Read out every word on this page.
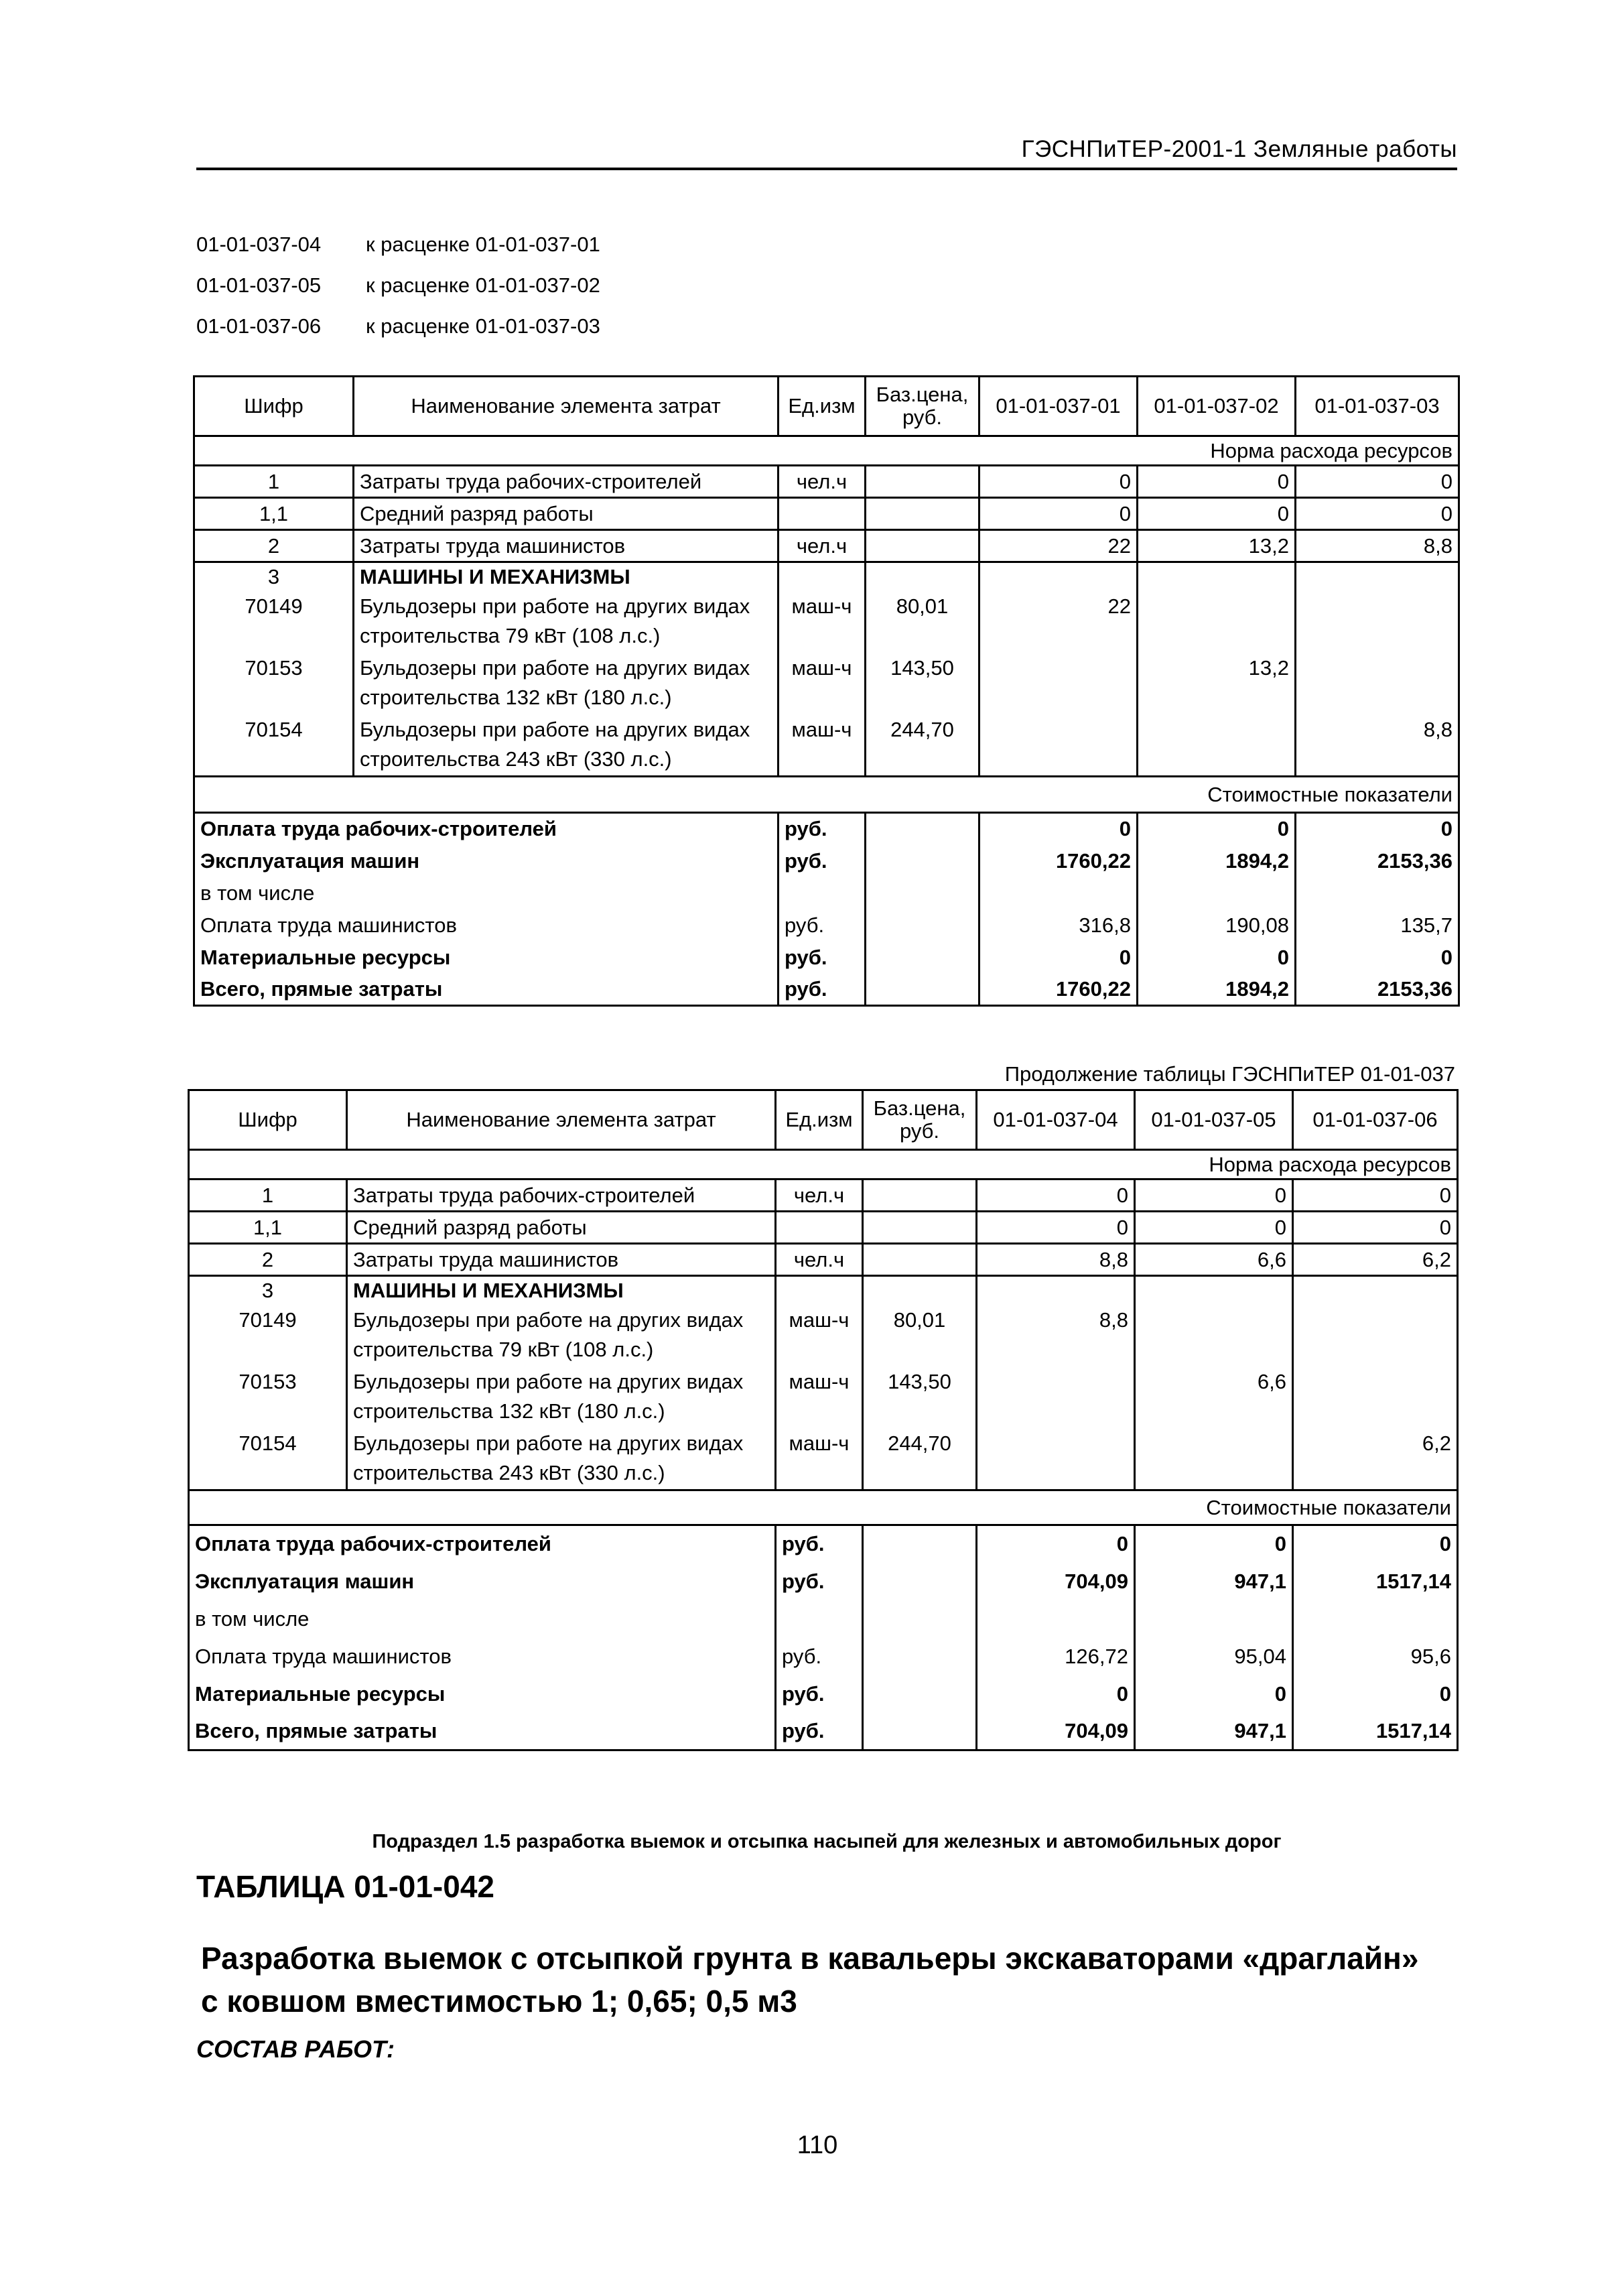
ГЭСНПиТЕР-2001-1 Земляные работы
01-01-037-04	к расценке 01-01-037-01
01-01-037-05	к расценке 01-01-037-02
01-01-037-06	к расценке 01-01-037-03
Шифр	Наименование элемента затрат	Ед.изм	Баз.цена, руб.	01-01-037-01	01-01-037-02	01-01-037-03
Норма расхода ресурсов						
1	Затраты труда рабочих-строителей	чел.ч		0	0	0
1,1	Средний разряд работы			0	0	0
2	Затраты труда машинистов	чел.ч		22	13,2	8,8
3	МАШИНЫ И МЕХАНИЗМЫ					
70149	Бульдозеры при работе на других видах строительства 79 кВт (108 л.с.)	маш-ч	80,01	22		
70153	Бульдозеры при работе на других видах строительства 132 кВт (180 л.с.)	маш-ч	143,50		13,2	
70154	Бульдозеры при работе на других видах строительства 243 кВт (330 л.с.)	маш-ч	244,70			8,8
Стоимостные показатели						
Оплата труда рабочих-строителей		руб.		0	0	0
Эксплуатация машин		руб.		1760,22	1894,2	2153,36
в том числе						
Оплата труда машинистов		руб.		316,8	190,08	135,7
Материальные ресурсы		руб.		0	0	0
Всего, прямые затраты		руб.		1760,22	1894,2	2153,36
Продолжение таблицы ГЭСНПиТЕР 01-01-037
Шифр	Наименование элемента затрат	Ед.изм	Баз.цена, руб.	01-01-037-04	01-01-037-05	01-01-037-06
Норма расхода ресурсов						
1	Затраты труда рабочих-строителей	чел.ч		0	0	0
1,1	Средний разряд работы			0	0	0
2	Затраты труда машинистов	чел.ч		8,8	6,6	6,2
3	МАШИНЫ И МЕХАНИЗМЫ					
70149	Бульдозеры при работе на других видах строительства 79 кВт (108 л.с.)	маш-ч	80,01	8,8		
70153	Бульдозеры при работе на других видах строительства 132 кВт (180 л.с.)	маш-ч	143,50		6,6	
70154	Бульдозеры при работе на других видах строительства 243 кВт (330 л.с.)	маш-ч	244,70			6,2
Стоимостные показатели						
Оплата труда рабочих-строителей		руб.		0	0	0
Эксплуатация машин		руб.		704,09	947,1	1517,14
в том числе						
Оплата труда машинистов		руб.		126,72	95,04	95,6
Материальные ресурсы		руб.		0	0	0
Всего, прямые затраты		руб.		704,09	947,1	1517,14
Подраздел 1.5 разработка выемок и отсыпка насыпей для железных и автомобильных дорог
ТАБЛИЦА 01-01-042
Разработка выемок с отсыпкой грунта в кавальеры экскаваторами «драглайн» с ковшом вместимостью 1; 0,65; 0,5 м3
СОСТАВ РАБОТ:
110
